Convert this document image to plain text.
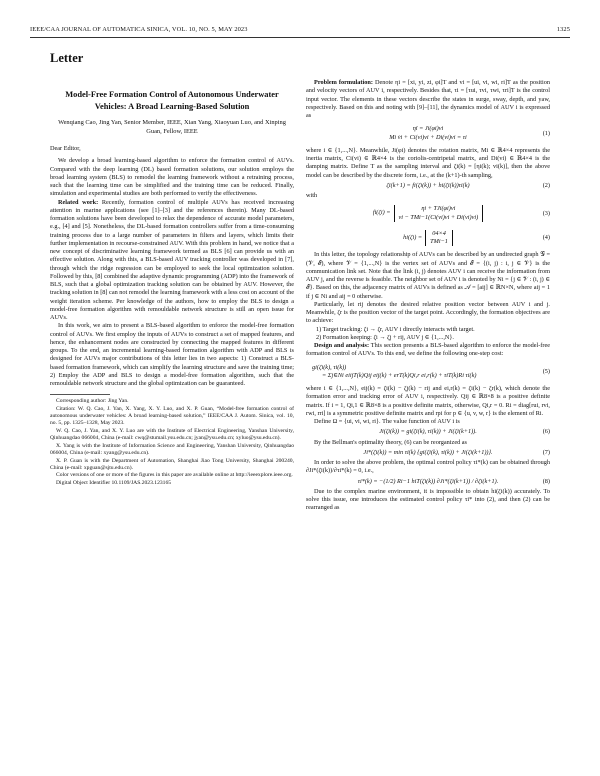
IEEE/CAA JOURNAL OF AUTOMATICA SINICA, VOL. 10, NO. 5, MAY 2023	1325
Letter
Model-Free Formation Control of Autonomous Underwater Vehicles: A Broad Learning-Based Solution
Wenqiang Cao, Jing Yan, Senior Member, IEEE, Xian Yang, Xiaoyuan Luo, and Xinping Guan, Fellow, IEEE
Dear Editor,

We develop a broad learning-based algorithm to enforce the formation control of AUVs. Compared with the deep learning (DL) based formation solutions, our solution employs the broad learning system (BLS) to remodel the learning framework without a retraining process, such that the learning time can be simplified and the training time can be reduced. Finally, simulation and experimental studies are both performed to verify the effectiveness.

Related work: Recently, formation control of multiple AUVs has received increasing attention in marine applications (see [1]–[3] and the references therein). Many DL-based formation solutions have been developed to relax the dependence of accurate model parameters, e.g., [4] and [5]. Nonetheless, the DL-based formation controllers suffer from a time-consuming training process due to a large number of parameters in filters and layers, which limits their further implementation in recourse-constrained AUV. With this problem in hand, we notice that a new concept of discriminative learning framework termed as BLS [6] can provide us with an effective solution. Along with this, a BLS-based AUV tracking controller was developed in [7], through which the ridge regression can be employed to seek the local optimization solution. Followed by this, [8] combined the adaptive dynamic programming (ADP) into the framework of BLS, such that a global optimization tracking solution can be obtained by AUV. However, the tracking solution in [8] can not remodel the learning framework with a less cost on account of the weight iteration scheme. Per knowledge of the authors, how to employ the BLS to design a model-free formation algorithm with remouldable network structure is still an open issue for AUVs.

In this work, we aim to present a BLS-based algorithm to enforce the model-free formation control of AUVs. We first employ the inputs of AUVs to construct a set of mapped features, and hence, the enhancement nodes are constructed by connecting the mapped features in different groups. To the end, an incremental learning-based formation algorithm with ADP and BLS is designed for AUVs major contributions of this letter lies in two aspects: 1) Construct a BLS-based formation framework, which can simplify the learning structure and save the training time; 2) Employ the ADP and BLS to design a model-free formation algorithm, such that the remouldable network structure and the global optimization can be guaranteed.

Corresponding author: Jing Yan.

Citation: W. Q. Cao, J. Yan, X. Yang, X. Y. Luo, and X. P. Guan, “Model-free formation control of autonomous underwater vehicles: A broad learning-based solution,” IEEE/CAA J. Autom. Sinica, vol. 10, no. 5, pp. 1325–1328, May 2023.

W. Q. Cao, J. Yan, and X. Y. Luo are with the Institute of Electrical Engineering, Yanshan University, Qinhuangdao 066004, China (e-mail: cwq@stumail.ysu.edu.cn; jyan@ysu.edu.cn; xyluo@ysu.edu.cn).

X. Yang is with the Institute of Information Science and Engineering, Yanshan University, Qinhuangdao 066004, China (e-mail: xyang@ysu.edu.cn).

X. P. Guan is with the Department of Automation, Shanghai Jiao Tong University, Shanghai 200240, China (e-mail: xpguan@sjtu.edu.cn).

Color versions of one or more of the figures in this paper are available online at http://ieeexplore.ieee.org.

Digital Object Identifier 10.1109/JAS.2023.123165

Problem formulation: Denote ηi = [xi, yi, zi, φi]T and vi = [ui, vi, wi, ri]T as the position and velocity vectors of AUV i, respectively. Besides that, τi = [τui, τvi, τwi, τri]T is the control input vector. The elements in these vectors describe the states in surge, sway, depth, and yaw, respectively. Based on this and noting with [9]–[11], the dynamics model of AUV i is expressed as

η̇i = Ji(φi)vi
Mi v̇i + Ci(vi)vi + Di(vi)vi = τi
(1)

where i ∈ {1,...,N}. Meanwhile, Ji(φi) denotes the rotation matrix, Mi ∈ ℝ4×4 represents the inertia matrix, Ci(vi) ∈ ℝ4×4 is the coriolis-centripetal matrix, and Di(vi) ∈ ℝ4×4 is the damping matrix. Define T as the sampling interval and ζi(k) = [ηi(k); vi(k)], then the above model can be described by the discrete form, i.e., at the (k+1)-th sampling,

ζi(k+1) = fi(ζi(k)) + hi(ζi(k))τi(k)	(2)

with

fi(ζi) =
ηi + TJi(φi)vi
vi − TMi−1(Ci(vi)vi + Di(vi)vi)
(3)
hi(ζi) =
04×4
TMi−1
(4)

In this letter, the topology relationship of AUVs can be described by an undirected graph 𝒢 = (𝒱, ℰ), where 𝒱 = {1,...,N} is the vertex set of AUVs and ℰ = {(i, j) : i, j ∈ 𝒱} is the communication link set. Note that the link (i, j) denotes AUV i can receive the information from AUV j, and the reverse is feasible. The neighbor set of AUV i is denoted by Ni = {j ∈ 𝒱 : (i, j) ∈ ℰ}. Based on this, the adjacency matrix of AUVs is defined as 𝒜 = [aij] ∈ ℝN×N, where aij = 1 if j ∈ Ni and aij = 0 otherwise.

Particularly, let rij denotes the desired relative position vector between AUV i and j. Meanwhile, ζr is the position vector of the target point. Accordingly, the formation objectives are to achieve:

1) Target tracking: ζi → ζr, AUV i directly interacts with target.

2) Formation keeping: ζi → ζj + rij, AUV j ∈ {1,...,N}.

Design and analysis: This section presents a BLS-based algorithm to enforce the model-free formation control of AUVs. To this end, we define the following one-step cost:

gi(ζi(k), τi(k))
= Σj∈Ni eiijT(k)Qij eij(k) + erT(k)Qi,r ei,r(k) + τiT(k)Ri τi(k)
(5)

where i ∈ {1,...,N}, eij(k) = ζi(k) − ζj(k) − rij and ei,r(k) = ζi(k) − ζr(k), which denote the formation error and tracking error of AUV i, respectively. Qij ∈ ℝ8×8 is a positive definite matrix. If i = 1, Qi,1 ∈ ℝ8×8 is a positive definite matrix, otherwise, Qi,r = 0. Ri = diag[rui, rvi, rwi, rri] is a symmetric positive definite matrix and rpi for p ∈ {u, v, w, r} is the element of Ri.

Define Ω = {ui, vi, wi, ri}. The value function of AUV i is

Ji(ζi(k)) = gi(ζi(k), τi(k)) + Ji(ζi(k+1)).	(6)

By the Bellman's optimality theory, (6) can be reorganized as

Ji*(ζi(k)) = min τi(k) {gi(ζi(k), τi(k)) + Ji(ζi(k+1))}.	(7)

In order to solve the above problem, the optimal control policy τi*(k) can be obtained through ∂Ji*(ζi(k))/∂τi*(k) = 0, i.e.,

τi*(k) = −(1/2) Ri−1 hiT(ζi(k)) ∂Ji*(ζi(k+1)) / ∂ζi(k+1).	(8)

Due to the complex marine environment, it is impossible to obtain hi(ζi(k)) accurately. To solve this issue, one introduces the estimated control policy τi* into (2), and then (2) can be rearranged as
